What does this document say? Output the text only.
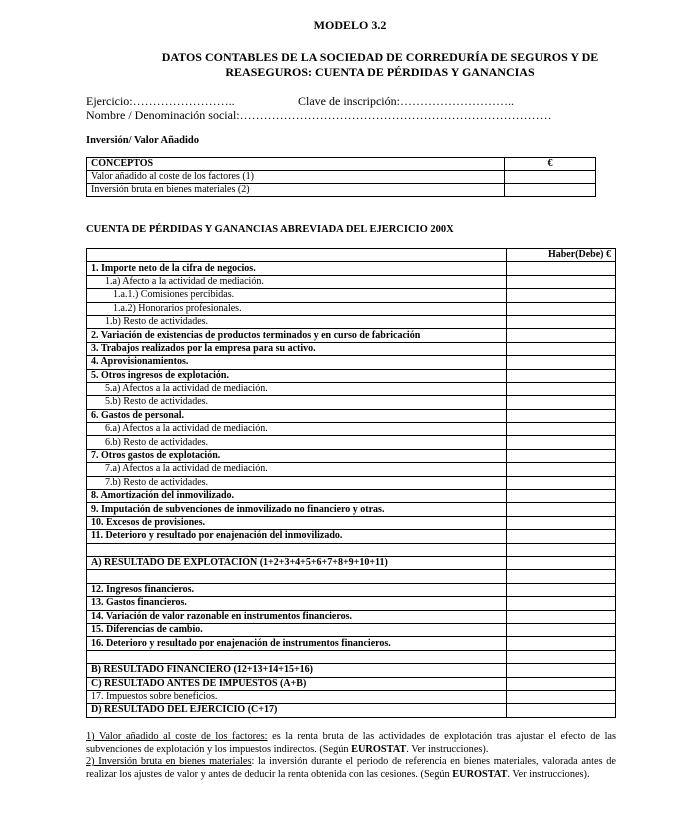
MODELO 3.2
DATOS CONTABLES DE LA SOCIEDAD DE CORREDURÍA DE SEGUROS Y DE REASEGUROS: CUENTA DE PÉRDIDAS Y GANANCIAS
Ejercicio:……………………..	Clave de inscripción:………………………..
Nombre / Denominación social:……………………………………………………………………
Inversión/ Valor Añadido
CONCEPTOS	€
Valor añadido al coste de los factores (1)	
Inversión bruta en bienes materiales (2)	
CUENTA DE PÉRDIDAS Y GANANCIAS ABREVIADA DEL EJERCICIO 200X
	Haber(Debe) €
1. Importe neto de la cifra de negocios.	
1.a) Afecto a la actividad de mediación.	
1.a.1.) Comisiones percibidas.	
1.a.2) Honorarios profesionales.	
1.b) Resto de actividades.	
2. Variación de existencias de productos terminados y en curso de fabricación	
3. Trabajos realizados por la empresa para su activo.	
4. Aprovisionamientos.	
5. Otros ingresos de explotación.	
5.a) Afectos a la actividad de mediación.	
5.b) Resto de actividades.	
6. Gastos de personal.	
6.a) Afectos a la actividad de mediación.	
6.b) Resto de actividades.	
7. Otros gastos de explotación.	
7.a) Afectos a la actividad de mediación.	
7.b) Resto de actividades.	
8. Amortización del inmovilizado.	
9. Imputación de subvenciones de inmovilizado no financiero y otras.	
10. Excesos de provisiones.	
11. Deterioro y resultado por enajenación del inmovilizado.	

A) RESULTADO DE EXPLOTACIÓN (1+2+3+4+5+6+7+8+9+10+11)	

12. Ingresos financieros.	
13. Gastos financieros.	
14. Variación de valor razonable en instrumentos financieros.	
15. Diferencias de cambio.	
16. Deterioro y resultado por enajenación de instrumentos financieros.	

B) RESULTADO FINANCIERO (12+13+14+15+16)	
C) RESULTADO ANTES DE IMPUESTOS (A+B)	
17. Impuestos sobre beneficios.	
D) RESULTADO DEL EJERCICIO (C+17)	
1) Valor añadido al coste de los factores: es la renta bruta de las actividades de explotación tras ajustar el efecto de las subvenciones de explotación y los impuestos indirectos. (Según EUROSTAT. Ver instrucciones).
2) Inversión bruta en bienes materiales: la inversión durante el periodo de referencia en bienes materiales, valorada antes de realizar los ajustes de valor y antes de deducir la renta obtenida con las cesiones. (Según EUROSTAT. Ver instrucciones).
